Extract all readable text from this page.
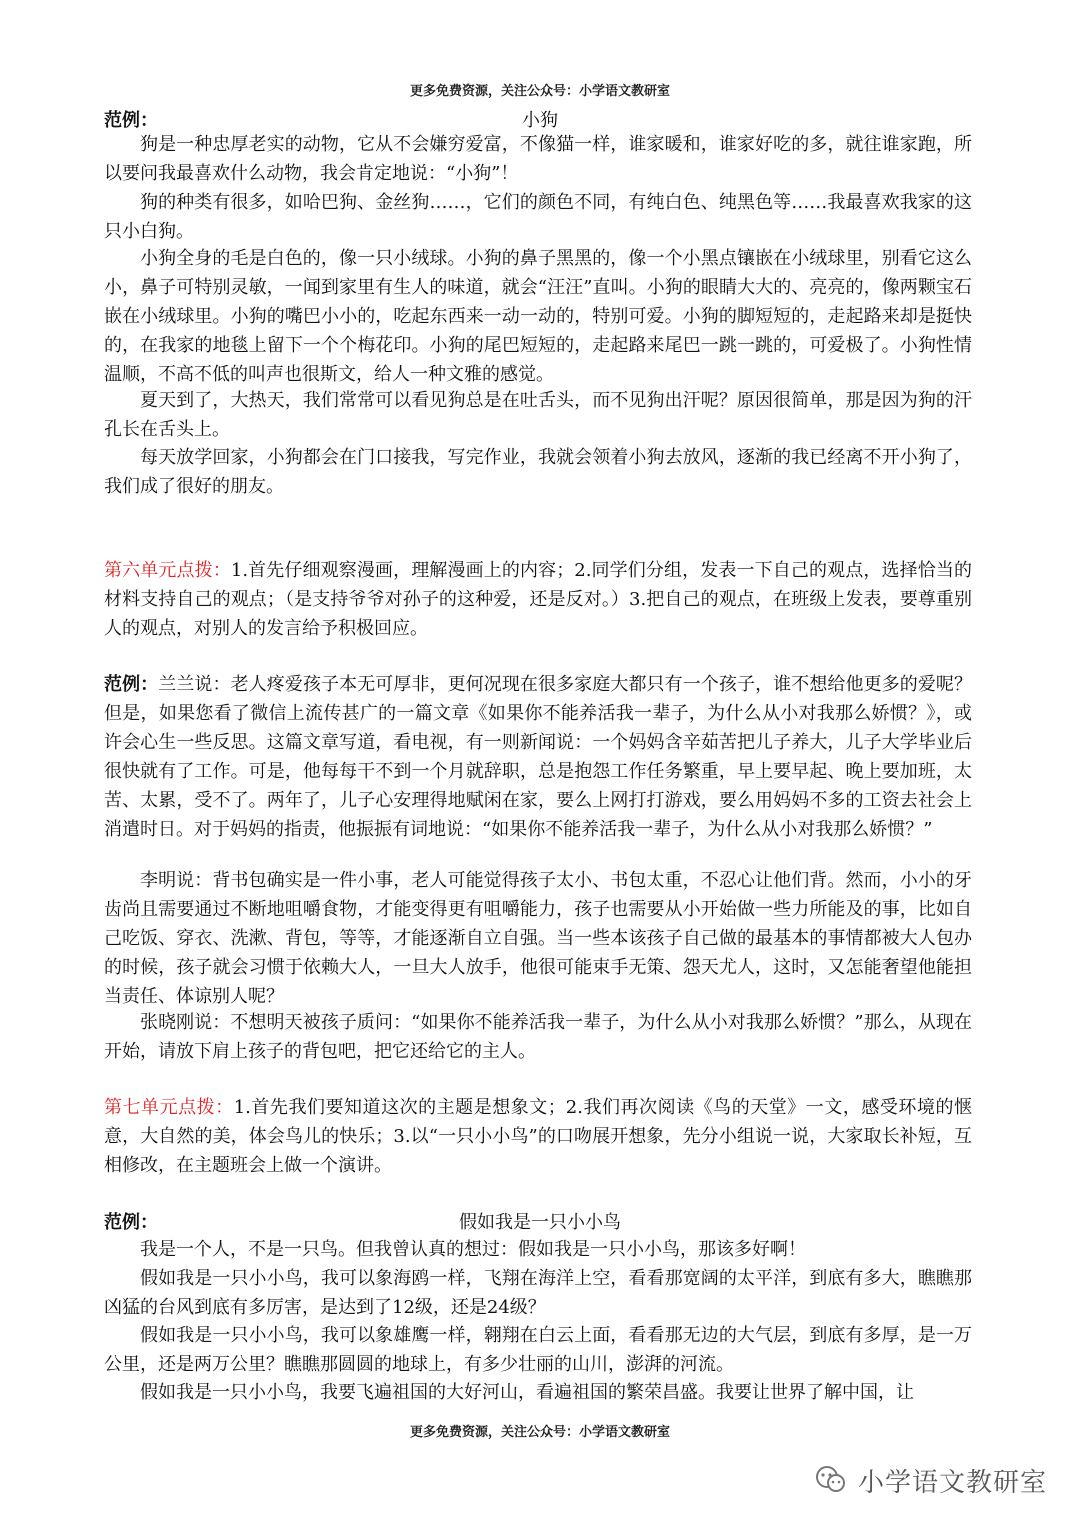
更多免费资源，关注公众号：小学语文教研室
范例：	小狗

狗是一种忠厚老实的动物，它从不会嫌穷爱富，不像猫一样，谁家暖和，谁家好吃的多，就往谁家跑，所以要问我最喜欢什么动物，我会肯定地说：“小狗”！

狗的种类有很多，如哈巴狗、金丝狗……，它们的颜色不同，有纯白色、纯黑色等……我最喜欢我家的这只小白狗。

小狗全身的毛是白色的，像一只小绒球。小狗的鼻子黑黑的，像一个小黑点镶嵌在小绒球里，别看它这么小，鼻子可特别灵敏，一闻到家里有生人的味道，就会“汪汪”直叫。小狗的眼睛大大的、亮亮的，像两颗宝石嵌在小绒球里。小狗的嘴巴小小的，吃起东西来一动一动的，特别可爱。小狗的脚短短的，走起路来却是挺快的，在我家的地毯上留下一个个梅花印。小狗的尾巴短短的，走起路来尾巴一跳一跳的，可爱极了。小狗性情温顺，不高不低的叫声也很斯文，给人一种文雅的感觉。

夏天到了，大热天，我们常常可以看见狗总是在吐舌头，而不见狗出汗呢？原因很简单，那是因为狗的汗孔长在舌头上。

每天放学回家，小狗都会在门口接我，写完作业，我就会领着小狗去放风，逐渐的我已经离不开小狗了，我们成了很好的朋友。

第六单元点拨：1.首先仔细观察漫画，理解漫画上的内容；2.同学们分组，发表一下自己的观点，选择恰当的材料支持自己的观点；（是支持爷爷对孙子的这种爱，还是反对。）3.把自己的观点，在班级上发表，要尊重别人的观点，对别人的发言给予积极回应。

范例：兰兰说：老人疼爱孩子本无可厚非，更何况现在很多家庭大都只有一个孩子，谁不想给他更多的爱呢？但是，如果您看了微信上流传甚广的一篇文章《如果你不能养活我一辈子，为什么从小对我那么娇惯？》，或许会心生一些反思。这篇文章写道，看电视，有一则新闻说：一个妈妈含辛茹苦把儿子养大，儿子大学毕业后很快就有了工作。可是，他每每干不到一个月就辞职，总是抱怨工作任务繁重，早上要早起、晚上要加班，太苦、太累，受不了。两年了，儿子心安理得地赋闲在家，要么上网打打游戏，要么用妈妈不多的工资去社会上消遣时日。对于妈妈的指责，他振振有词地说：“如果你不能养活我一辈子，为什么从小对我那么娇惯？”

李明说：背书包确实是一件小事，老人可能觉得孩子太小、书包太重，不忍心让他们背。然而，小小的牙齿尚且需要通过不断地咀嚼食物，才能变得更有咀嚼能力，孩子也需要从小开始做一些力所能及的事，比如自己吃饭、穿衣、洗漱、背包，等等，才能逐渐自立自强。当一些本该孩子自己做的最基本的事情都被大人包办的时候，孩子就会习惯于依赖大人，一旦大人放手，他很可能束手无策、怨天尤人，这时，又怎能奢望他能担当责任、体谅别人呢？

张晓刚说：不想明天被孩子质问：“如果你不能养活我一辈子，为什么从小对我那么娇惯？”那么，从现在开始，请放下肩上孩子的背包吧，把它还给它的主人。

第七单元点拨：1.首先我们要知道这次的主题是想象文；2.我们再次阅读《鸟的天堂》一文，感受环境的惬意，大自然的美，体会鸟儿的快乐；3.以“一只小小鸟”的口吻展开想象，先分小组说一说，大家取长补短，互相修改，在主题班会上做一个演讲。

范例：	假如我是一只小小鸟

我是一个人，不是一只鸟。但我曾认真的想过：假如我是一只小小鸟，那该多好啊！

假如我是一只小小鸟，我可以象海鸥一样，飞翔在海洋上空，看看那宽阔的太平洋，到底有多大，瞧瞧那凶猛的台风到底有多厉害，是达到了12级，还是24级？

假如我是一只小小鸟，我可以象雄鹰一样，翱翔在白云上面，看看那无边的大气层，到底有多厚，是一万公里，还是两万公里？瞧瞧那圆圆的地球上，有多少壮丽的山川，澎湃的河流。

假如我是一只小小鸟，我要飞遍祖国的大好河山，看遍祖国的繁荣昌盛。我要让世界了解中国，让

更多免费资源，关注公众号：小学语文教研室
小学语文教研室
